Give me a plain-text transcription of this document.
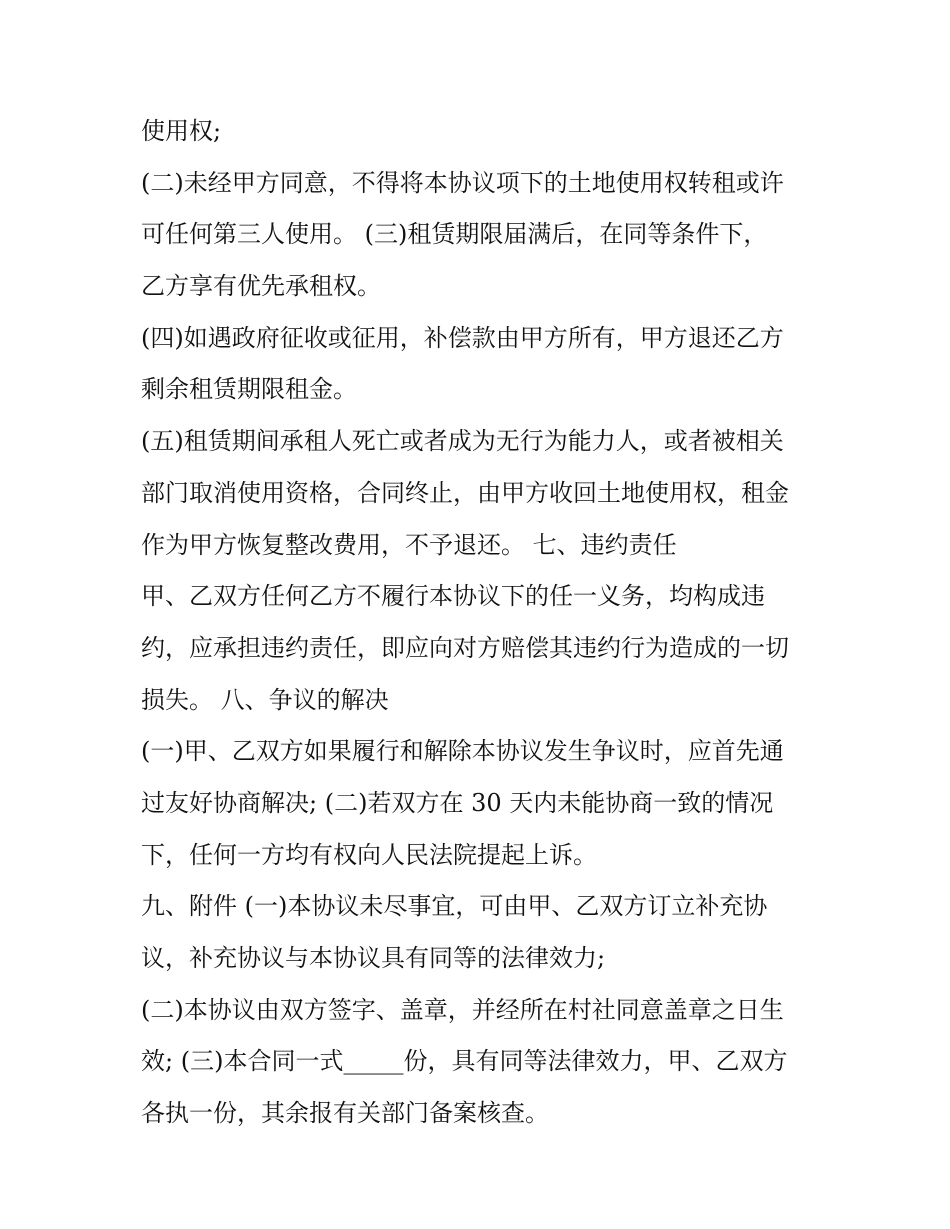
使用权;
(二)未经甲方同意，不得将本协议项下的土地使用权转租或许
可任何第三人使用。 (三)租赁期限届满后，在同等条件下，
乙方享有优先承租权。
(四)如遇政府征收或征用，补偿款由甲方所有，甲方退还乙方
剩余租赁期限租金。
(五)租赁期间承租人死亡或者成为无行为能力人，或者被相关
部门取消使用资格，合同终止，由甲方收回土地使用权，租金
作为甲方恢复整改费用，不予退还。 七、违约责任
甲、乙双方任何乙方不履行本协议下的任一义务，均构成违
约，应承担违约责任，即应向对方赔偿其违约行为造成的一切
损失。 八、争议的解决
(一)甲、乙双方如果履行和解除本协议发生争议时，应首先通
过友好协商解决; (二)若双方在 30 天内未能协商一致的情况
下，任何一方均有权向人民法院提起上诉。
九、附件 (一)本协议未尽事宜，可由甲、乙双方订立补充协
议，补充协议与本协议具有同等的法律效力;
(二)本协议由双方签字、盖章，并经所在村社同意盖章之日生
效; (三)本合同一式_____份，具有同等法律效力，甲、乙双方
各执一份，其余报有关部门备案核查。
